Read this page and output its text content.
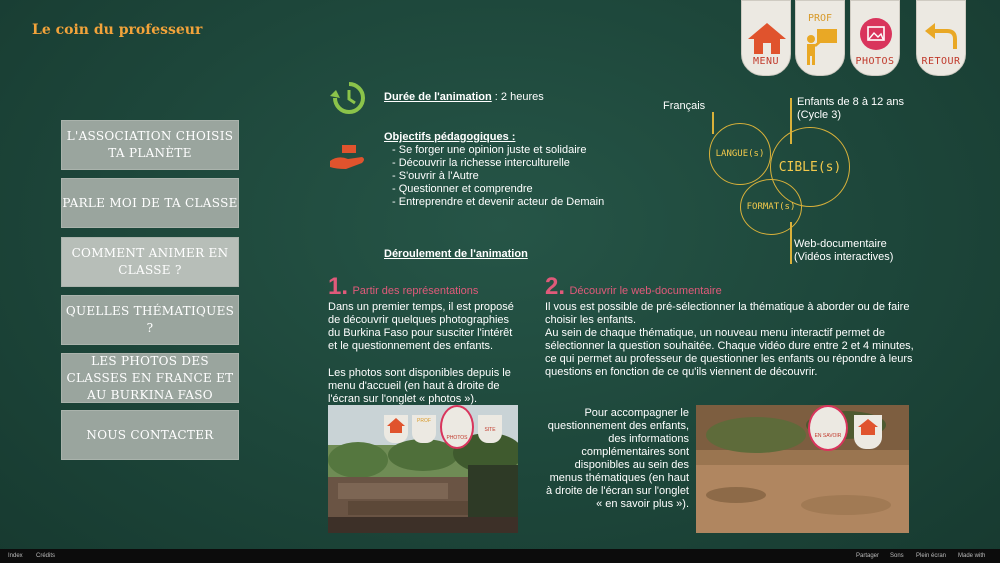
Le coin du professeur
MENU
PROF
PHOTOS	RETOUR
L'ASSOCIATION CHOISIS TA PLANÈTE
PARLE MOI DE TA CLASSE
COMMENT ANIMER EN CLASSE ?
QUELLES THÉMATIQUES ?
LES PHOTOS DES CLASSES EN FRANCE ET AU BURKINA FASO
NOUS CONTACTER
Durée de l'animation : 2 heures
Objectifs pédagogiques :
- Se forger une opinion juste et solidaire
- Découvrir la richesse interculturelle
- S'ouvrir à l'Autre
- Questionner et comprendre
- Entreprendre et devenir acteur de Demain
Français	Enfants de 8 à 12 ans
(Cycle 3)
LANGUE(s)
CIBLE(s)
FORMAT(s)
Web-documentaire
(Vidéos interactives)
Déroulement de l'animation
1. Partir des représentations
Dans un premier temps, il est proposé de découvrir quelques photographies du Burkina Faso pour susciter l'intérêt et le questionnement des enfants.
Les photos sont disponibles depuis le menu d'accueil (en haut à droite de l'écran sur l'onglet « photos »).
PROF
PHOTOS
SITE
2. Découvrir le web-documentaire
Il vous est possible de pré-sélectionner la thématique à aborder ou de faire choisir les enfants.
Au sein de chaque thématique, un nouveau menu interactif permet de sélectionner la question souhaitée. Chaque vidéo dure entre 2 et 4 minutes, ce qui permet au professeur de questionner les enfants ou répondre à leurs questions en fonction de ce qu'ils viennent de découvrir.
Pour accompagner le questionnement des enfants, des informations complémentaires sont disponibles au sein des menus thématiques (en haut à droite de l'écran sur l'onglet « en savoir plus »).
EN SAVOIR
Index Crédits	Partager Sons Plein écran Made with
